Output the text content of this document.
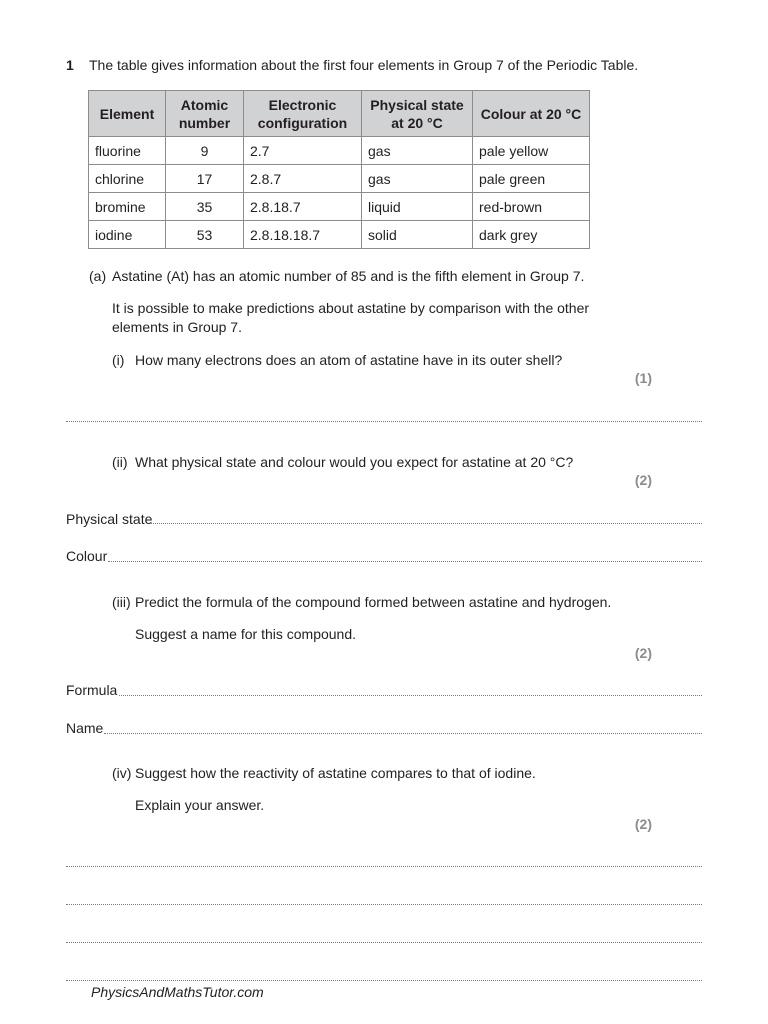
1 The table gives information about the first four elements in Group 7 of the Periodic Table.
Element	Atomic number	Electronic configuration	Physical state at 20 °C	Colour at 20 °C
fluorine	9	2.7	gas	pale yellow
chlorine	17	2.8.7	gas	pale green
bromine	35	2.8.18.7	liquid	red-brown
iodine	53	2.8.18.18.7	solid	dark grey
(a) Astatine (At) has an atomic number of 85 and is the fifth element in Group 7.
It is possible to make predictions about astatine by comparison with the other
elements in Group 7.
(i) How many electrons does an atom of astatine have in its outer shell?
(1)
(ii) What physical state and colour would you expect for astatine at 20 °C?
(2)
Physical state
Colour
(iii) Predict the formula of the compound formed between astatine and hydrogen.
Suggest a name for this compound.
(2)
Formula
Name
(iv) Suggest how the reactivity of astatine compares to that of iodine.
Explain your answer.
(2)
PhysicsAndMathsTutor.com
